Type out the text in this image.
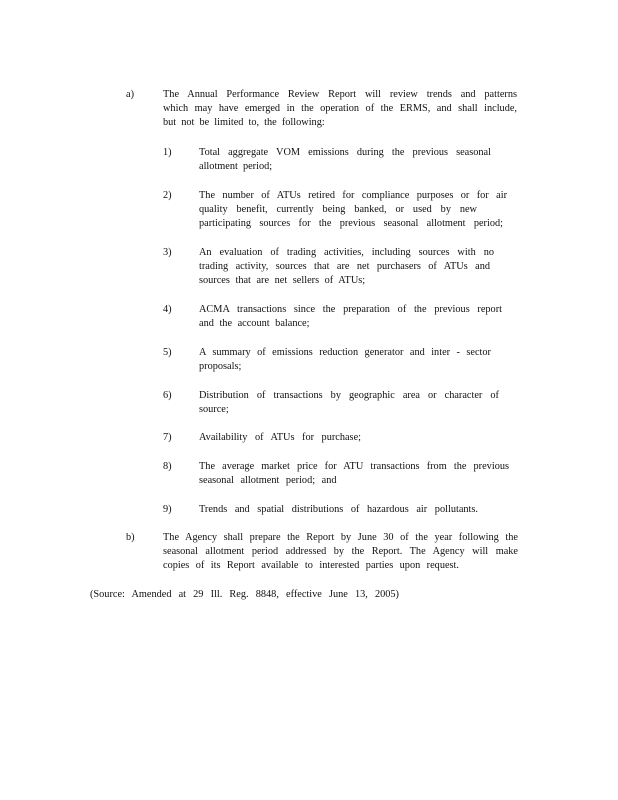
a)	The Annual Performance Review Report will review trends and patterns
which may have emerged in the operation of the ERMS, and shall include,
but not be limited to, the following:
1)	Total aggregate VOM emissions during the previous seasonal
allotment period;
2)	The number of ATUs retired for compliance purposes or for air
quality benefit, currently being banked, or used by new
participating sources for the previous seasonal allotment period;
3)	An evaluation of trading activities, including sources with no
trading activity, sources that are net purchasers of ATUs and
sources that are net sellers of ATUs;
4)	ACMA transactions since the preparation of the previous report
and the account balance;
5)	A summary of emissions reduction generator and inter - sector
proposals;
6)	Distribution of transactions by geographic area or character of
source;
7)	Availability of ATUs for purchase;
8)	The average market price for ATU transactions from the previous
seasonal allotment period; and
9)	Trends and spatial distributions of hazardous air pollutants.
b)	The Agency shall prepare the Report by June 30 of the year following the
seasonal allotment period addressed by the Report. The Agency will make
copies of its Report available to interested parties upon request.
(Source: Amended at 29 Ill. Reg. 8848, effective June 13, 2005)
